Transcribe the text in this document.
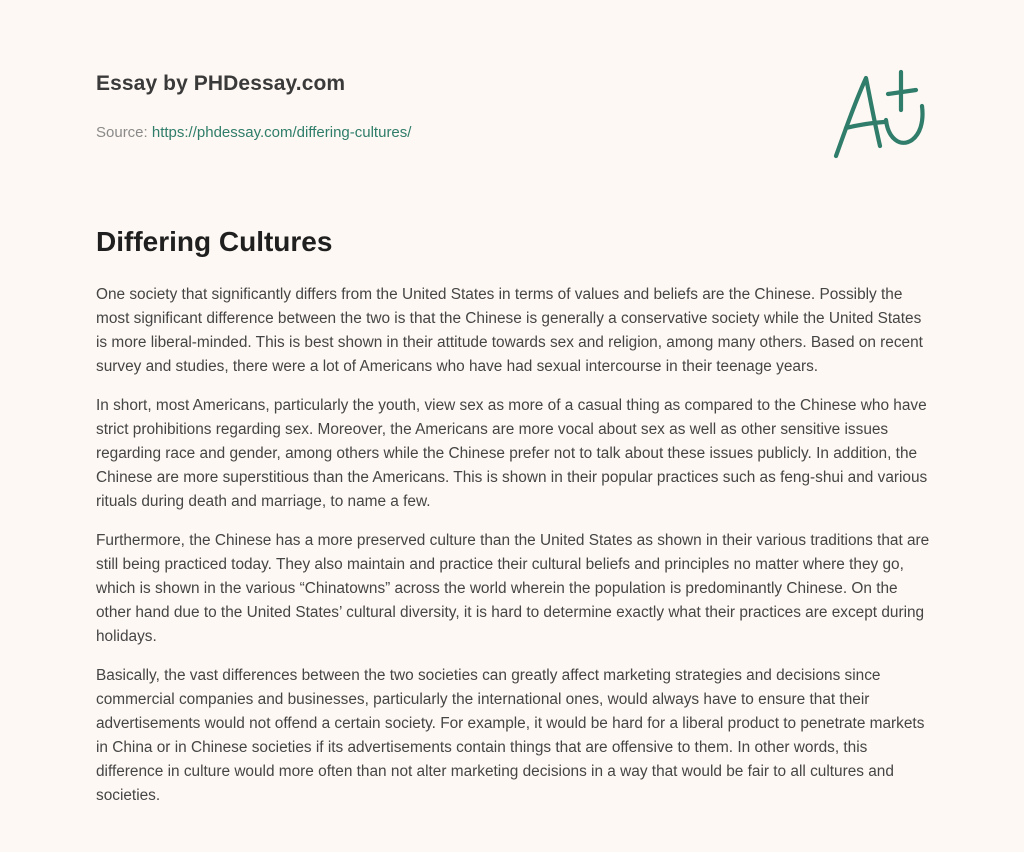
Essay by PHDessay.com
Source: https://phdessay.com/differing-cultures/
Differing Cultures

One society that significantly differs from the United States in terms of values and beliefs are the Chinese. Possibly the most significant difference between the two is that the Chinese is generally a conservative society while the United States is more liberal-minded. This is best shown in their attitude towards sex and religion, among many others. Based on recent survey and studies, there were a lot of Americans who have had sexual intercourse in their teenage years.

In short, most Americans, particularly the youth, view sex as more of a casual thing as compared to the Chinese who have strict prohibitions regarding sex. Moreover, the Americans are more vocal about sex as well as other sensitive issues regarding race and gender, among others while the Chinese prefer not to talk about these issues publicly. In addition, the Chinese are more superstitious than the Americans. This is shown in their popular practices such as feng-shui and various rituals during death and marriage, to name a few.

Furthermore, the Chinese has a more preserved culture than the United States as shown in their various traditions that are still being practiced today. They also maintain and practice their cultural beliefs and principles no matter where they go, which is shown in the various “Chinatowns” across the world wherein the population is predominantly Chinese. On the other hand due to the United States’ cultural diversity, it is hard to determine exactly what their practices are except during holidays.

Basically, the vast differences between the two societies can greatly affect marketing strategies and decisions since commercial companies and businesses, particularly the international ones, would always have to ensure that their advertisements would not offend a certain society. For example, it would be hard for a liberal product to penetrate markets in China or in Chinese societies if its advertisements contain things that are offensive to them. In other words, this difference in culture would more often than not alter marketing decisions in a way that would be fair to all cultures and societies.
